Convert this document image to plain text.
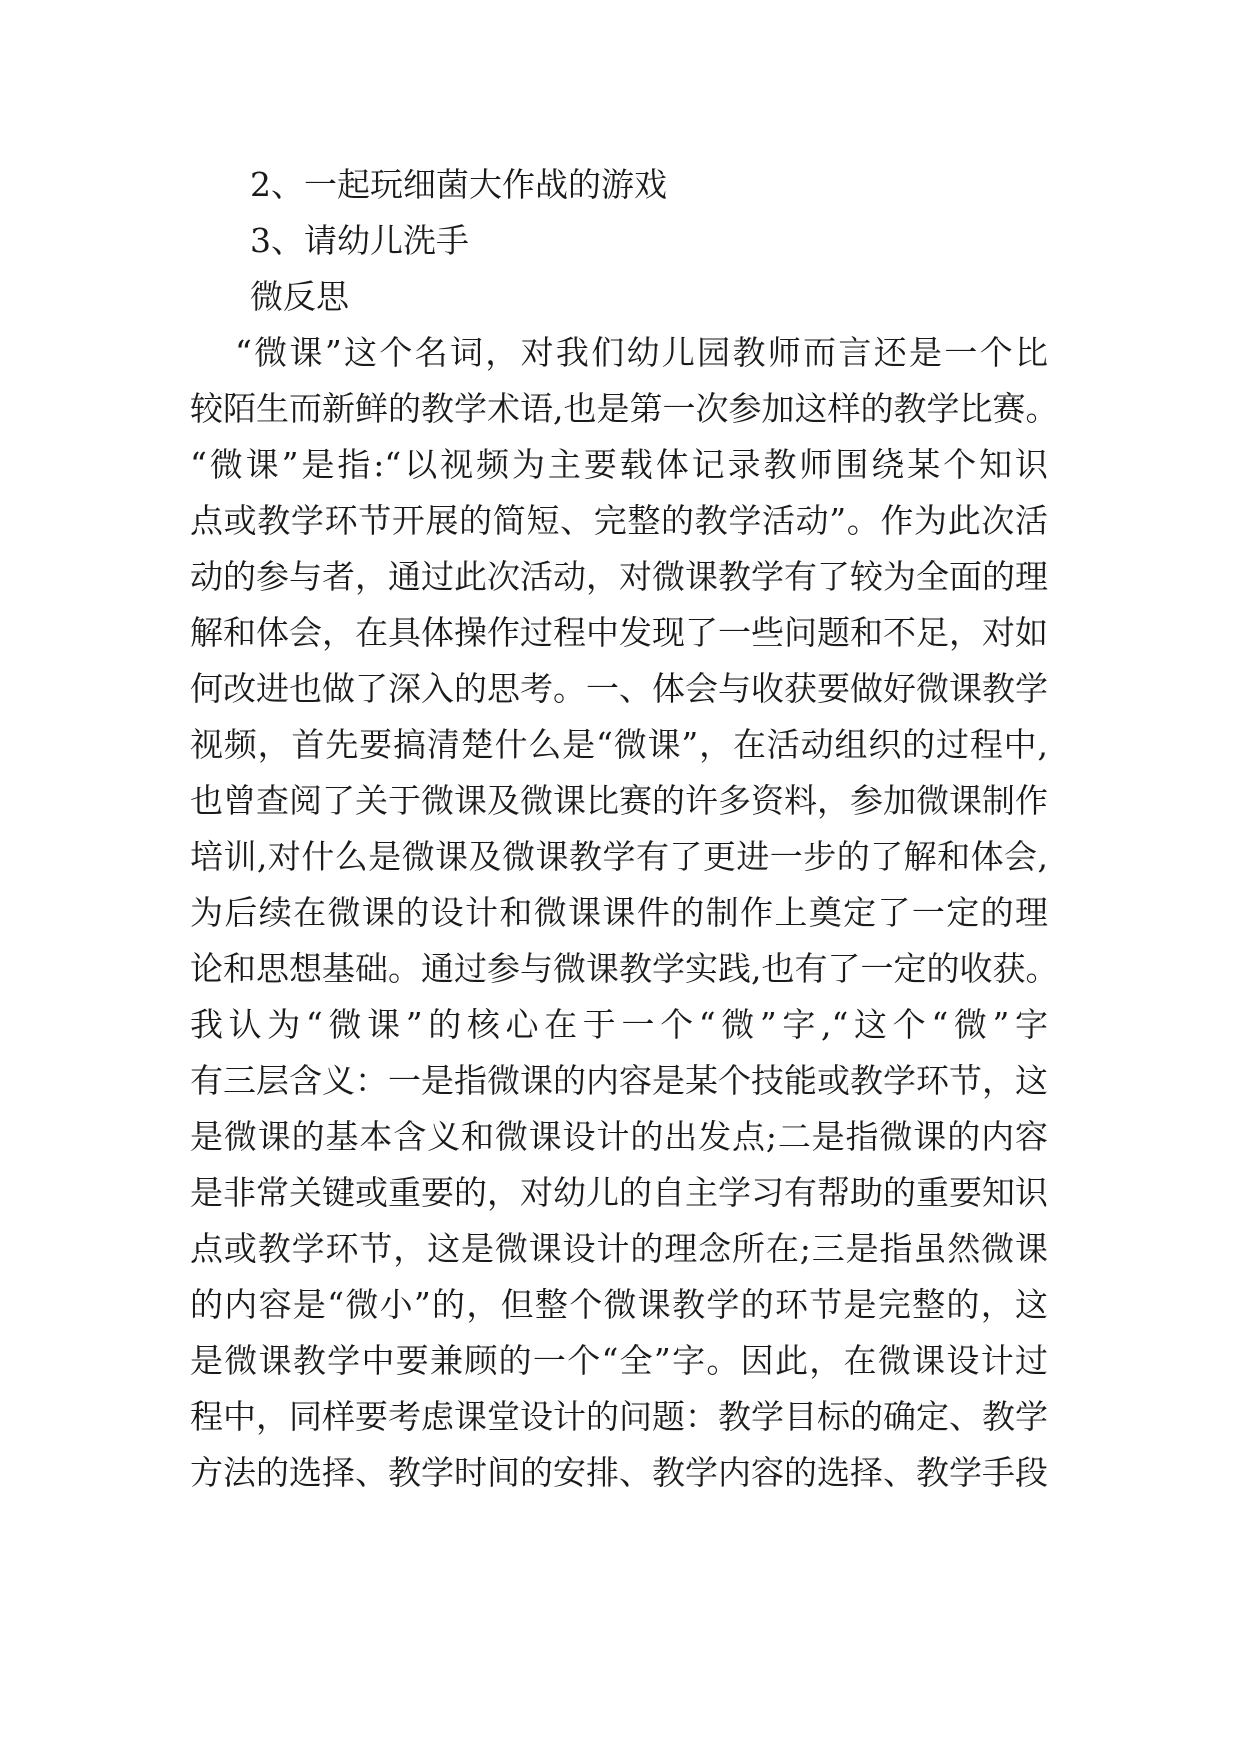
2、一起玩细菌大作战的游戏
3、请幼儿洗手
微反思
“微课”这个名词，对我们幼儿园教师而言还是一个比
较陌生而新鲜的教学术语,也是第一次参加这样的教学比赛。
“微课”是指:“以视频为主要载体记录教师围绕某个知识
点或教学环节开展的简短、完整的教学活动”。作为此次活
动的参与者，通过此次活动，对微课教学有了较为全面的理
解和体会，在具体操作过程中发现了一些问题和不足，对如
何改进也做了深入的思考。一、体会与收获要做好微课教学
视频，首先要搞清楚什么是“微课”，在活动组织的过程中,
也曾查阅了关于微课及微课比赛的许多资料，参加微课制作
培训,对什么是微课及微课教学有了更进一步的了解和体会,
为后续在微课的设计和微课课件的制作上奠定了一定的理
论和思想基础。通过参与微课教学实践,也有了一定的收获。
我认为“微课”的核心在于一个“微”字,“这个“微”字
有三层含义：一是指微课的内容是某个技能或教学环节，这
是微课的基本含义和微课设计的出发点;二是指微课的内容
是非常关键或重要的，对幼儿的自主学习有帮助的重要知识
点或教学环节，这是微课设计的理念所在;三是指虽然微课
的内容是“微小”的，但整个微课教学的环节是完整的，这
是微课教学中要兼顾的一个“全”字。因此，在微课设计过
程中，同样要考虑课堂设计的问题：教学目标的确定、教学
方法的选择、教学时间的安排、教学内容的选择、教学手段
